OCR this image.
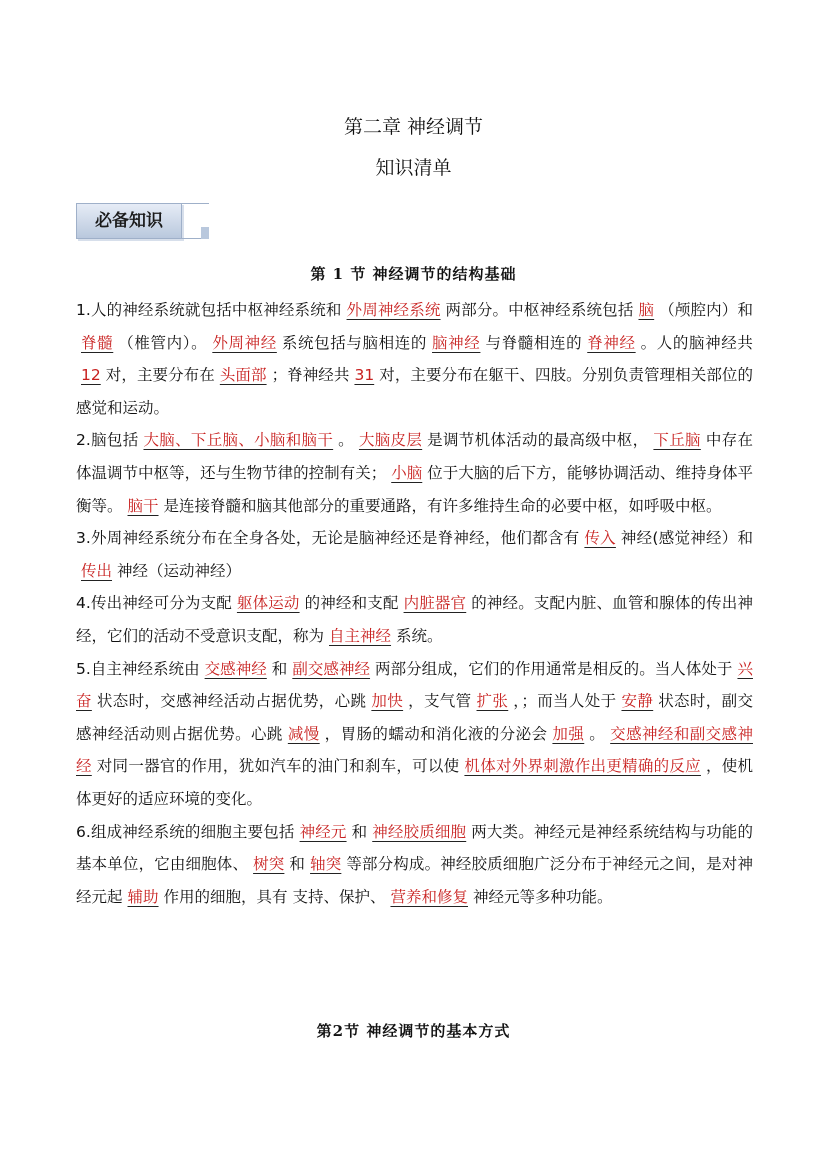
第二章 神经调节
知识清单
必备知识
第 1 节 神经调节的结构基础

1.人的神经系统就包括中枢神经系统和 外周神经系统 两部分。中枢神经系统包括 脑 （颅腔内）和脊髓 （椎管内）。 外周神经 系统包括与脑相连的 脑神经 与脊髓相连的 脊神经 。人的脑神经共12 对，主要分布在 头面部 ；脊神经共 31 对，主要分布在躯干、四肢。分别负责管理相关部位的感觉和运动。

2.脑包括 大脑、下丘脑、小脑和脑干 。 大脑皮层 是调节机体活动的最高级中枢， 下丘脑 中存在体温调节中枢等，还与生物节律的控制有关； 小脑 位于大脑的后下方，能够协调活动、维持身体平衡等。 脑干 是连接脊髓和脑其他部分的重要通路，有许多维持生命的必要中枢，如呼吸中枢。

3.外周神经系统分布在全身各处，无论是脑神经还是脊神经，他们都含有 传入 神经(感觉神经）和传出 神经（运动神经）

4.传出神经可分为支配 躯体运动 的神经和支配 内脏器官 的神经。支配内脏、血管和腺体的传出神经，它们的活动不受意识支配，称为 自主神经 系统。

5.自主神经系统由 交感神经 和 副交感神经 两部分组成，它们的作用通常是相反的。当人体处于 兴奋 状态时，交感神经活动占据优势，心跳 加快 ，支气管 扩张 ，；而当人处于 安静 状态时，副交感神经活动则占据优势。心跳 减慢 ，胃肠的蠕动和消化液的分泌会 加强 。 交感神经和副交感神经 对同一器官的作用，犹如汽车的油门和刹车，可以使 机体对外界刺激作出更精确的反应 ，使机体更好的适应环境的变化。

6.组成神经系统的细胞主要包括 神经元 和 神经胶质细胞 两大类。神经元是神经系统结构与功能的基本单位，它由细胞体、 树突 和 轴突 等部分构成。神经胶质细胞广泛分布于神经元之间，是对神经元起 辅助 作用的细胞，具有 支持、保护、 营养和修复 神经元等多种功能。

第2节 神经调节的基本方式
